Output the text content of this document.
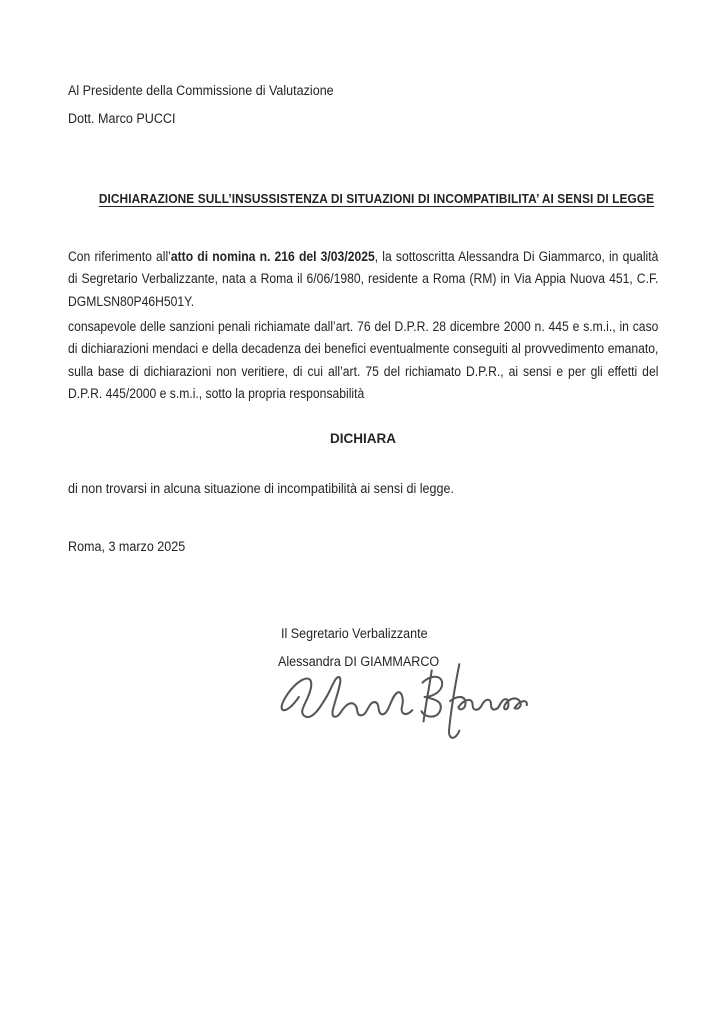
Al Presidente della Commissione di Valutazione

Dott. Marco PUCCI

DICHIARAZIONE SULL’INSUSSISTENZA DI SITUAZIONI DI INCOMPATIBILITA’ AI SENSI DI LEGGE

Con riferimento all’atto di nomina n. 216 del 3/03/2025, la sottoscritta Alessandra Di Giammarco, in qualità di Segretario Verbalizzante, nata a Roma il 6/06/1980, residente a Roma (RM) in Via Appia Nuova 451, C.F. DGMLSN80P46H501Y.

consapevole delle sanzioni penali richiamate dall’art. 76 del D.P.R. 28 dicembre 2000 n. 445 e s.m.i., in caso di dichiarazioni mendaci e della decadenza dei benefici eventualmente conseguiti al provvedimento emanato, sulla base di dichiarazioni non veritiere, di cui all’art. 75 del richiamato D.P.R., ai sensi e per gli effetti del D.P.R. 445/2000 e s.m.i., sotto la propria responsabilità

DICHIARA

di non trovarsi in alcuna situazione di incompatibilità ai sensi di legge.

Roma, 3 marzo 2025

Il Segretario Verbalizzante

Alessandra DI GIAMMARCO
